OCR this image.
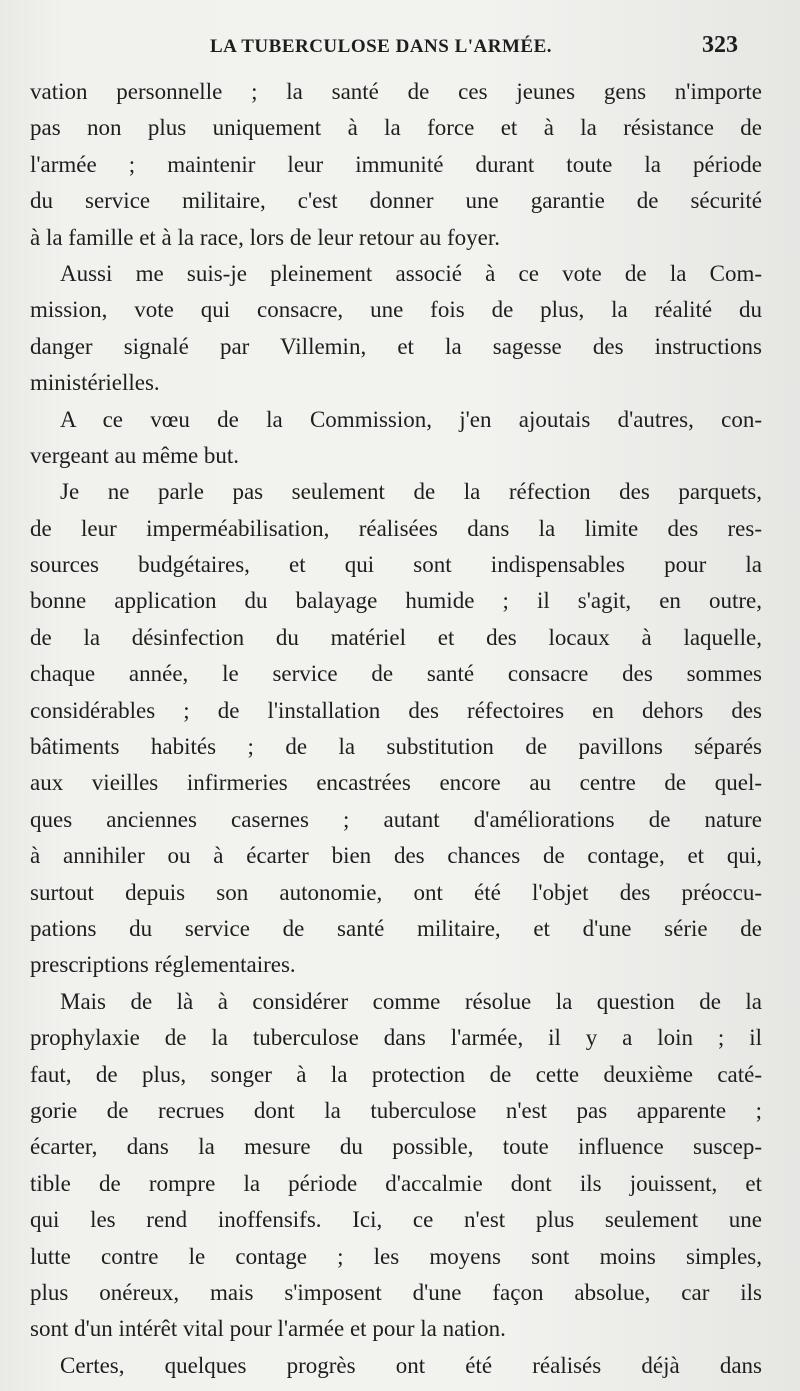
LA TUBERCULOSE DANS L'ARMÉE.	323
vation personnelle ; la santé de ces jeunes gens n'importe
pas non plus uniquement à la force et à la résistance de
l'armée ; maintenir leur immunité durant toute la période
du service militaire, c'est donner une garantie de sécurité
à la famille et à la race, lors de leur retour au foyer.
Aussi me suis-je pleinement associé à ce vote de la Com-
mission, vote qui consacre, une fois de plus, la réalité du
danger signalé par Villemin, et la sagesse des instructions
ministérielles.
A ce vœu de la Commission, j'en ajoutais d'autres, con-
vergeant au même but.
Je ne parle pas seulement de la réfection des parquets,
de leur imperméabilisation, réalisées dans la limite des res-
sources budgétaires, et qui sont indispensables pour la
bonne application du balayage humide ; il s'agit, en outre,
de la désinfection du matériel et des locaux à laquelle,
chaque année, le service de santé consacre des sommes
considérables ; de l'installation des réfectoires en dehors des
bâtiments habités ; de la substitution de pavillons séparés
aux vieilles infirmeries encastrées encore au centre de quel-
ques anciennes casernes ; autant d'améliorations de nature
à annihiler ou à écarter bien des chances de contage, et qui,
surtout depuis son autonomie, ont été l'objet des préoccu-
pations du service de santé militaire, et d'une série de
prescriptions réglementaires.
Mais de là à considérer comme résolue la question de la
prophylaxie de la tuberculose dans l'armée, il y a loin ; il
faut, de plus, songer à la protection de cette deuxième caté-
gorie de recrues dont la tuberculose n'est pas apparente ;
écarter, dans la mesure du possible, toute influence suscep-
tible de rompre la période d'accalmie dont ils jouissent, et
qui les rend inoffensifs. Ici, ce n'est plus seulement une
lutte contre le contage ; les moyens sont moins simples,
plus onéreux, mais s'imposent d'une façon absolue, car ils
sont d'un intérêt vital pour l'armée et pour la nation.
Certes, quelques progrès ont été réalisés déjà dans
